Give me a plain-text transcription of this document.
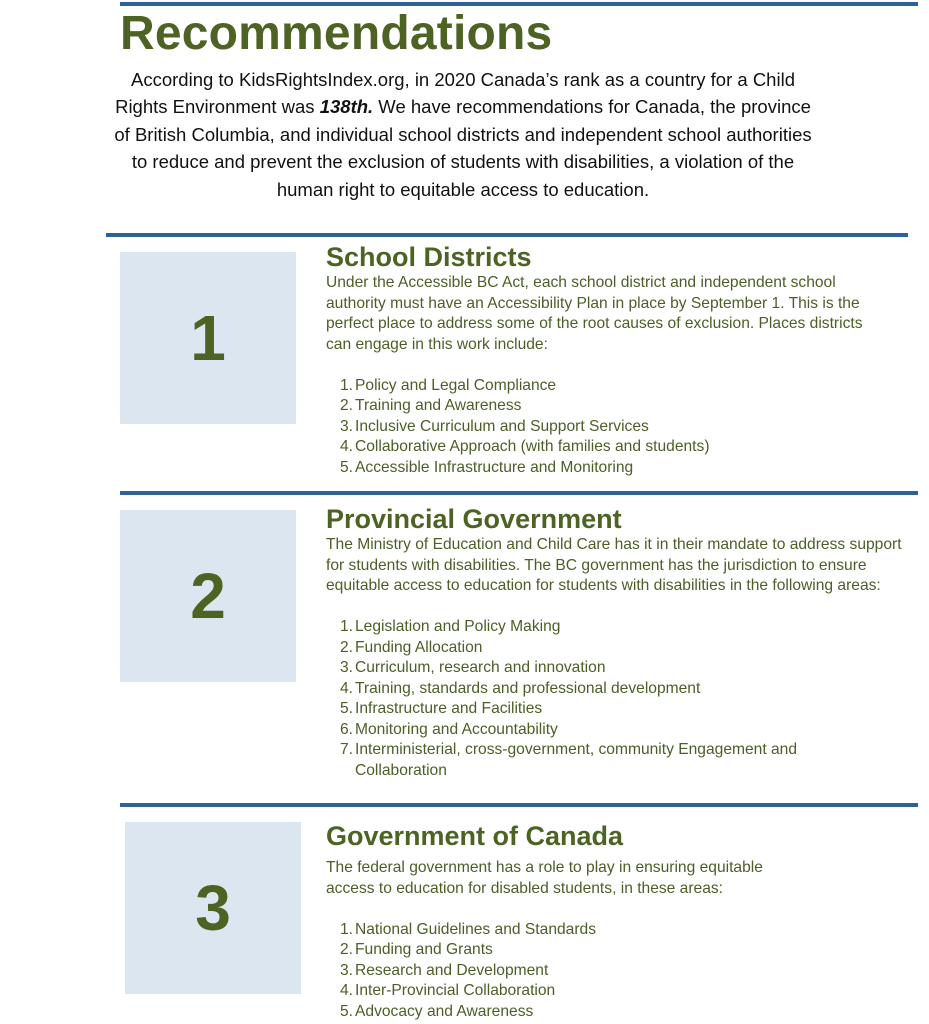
Recommendations
According to KidsRightsIndex.org, in 2020 Canada’s rank as a country for a Child Rights Environment was 138th. We have recommendations for Canada, the province of British Columbia, and individual school districts and independent school authorities to reduce and prevent the exclusion of students with disabilities, a violation of the human right to equitable access to education.
1
School Districts

Under the Accessible BC Act, each school district and independent school authority must have an Accessibility Plan in place by September 1. This is the perfect place to address some of the root causes of exclusion. Places districts can engage in this work include:

1. Policy and Legal Compliance
2. Training and Awareness
3. Inclusive Curriculum and Support Services
4. Collaborative Approach (with families and students)
5. Accessible Infrastructure and Monitoring
2
Provincial Government

The Ministry of Education and Child Care has it in their mandate to address support for students with disabilities. The BC government has the jurisdiction to ensure equitable access to education for students with disabilities in the following areas:

1. Legislation and Policy Making
2. Funding Allocation
3. Curriculum, research and innovation
4. Training, standards and professional development
5. Infrastructure and Facilities
6. Monitoring and Accountability
7. Interministerial, cross-government, community Engagement and Collaboration
3
Government of Canada

The federal government has a role to play in ensuring equitable access to education for disabled students, in these areas:

1. National Guidelines and Standards
2. Funding and Grants
3. Research and Development
4. Inter-Provincial Collaboration
5. Advocacy and Awareness
